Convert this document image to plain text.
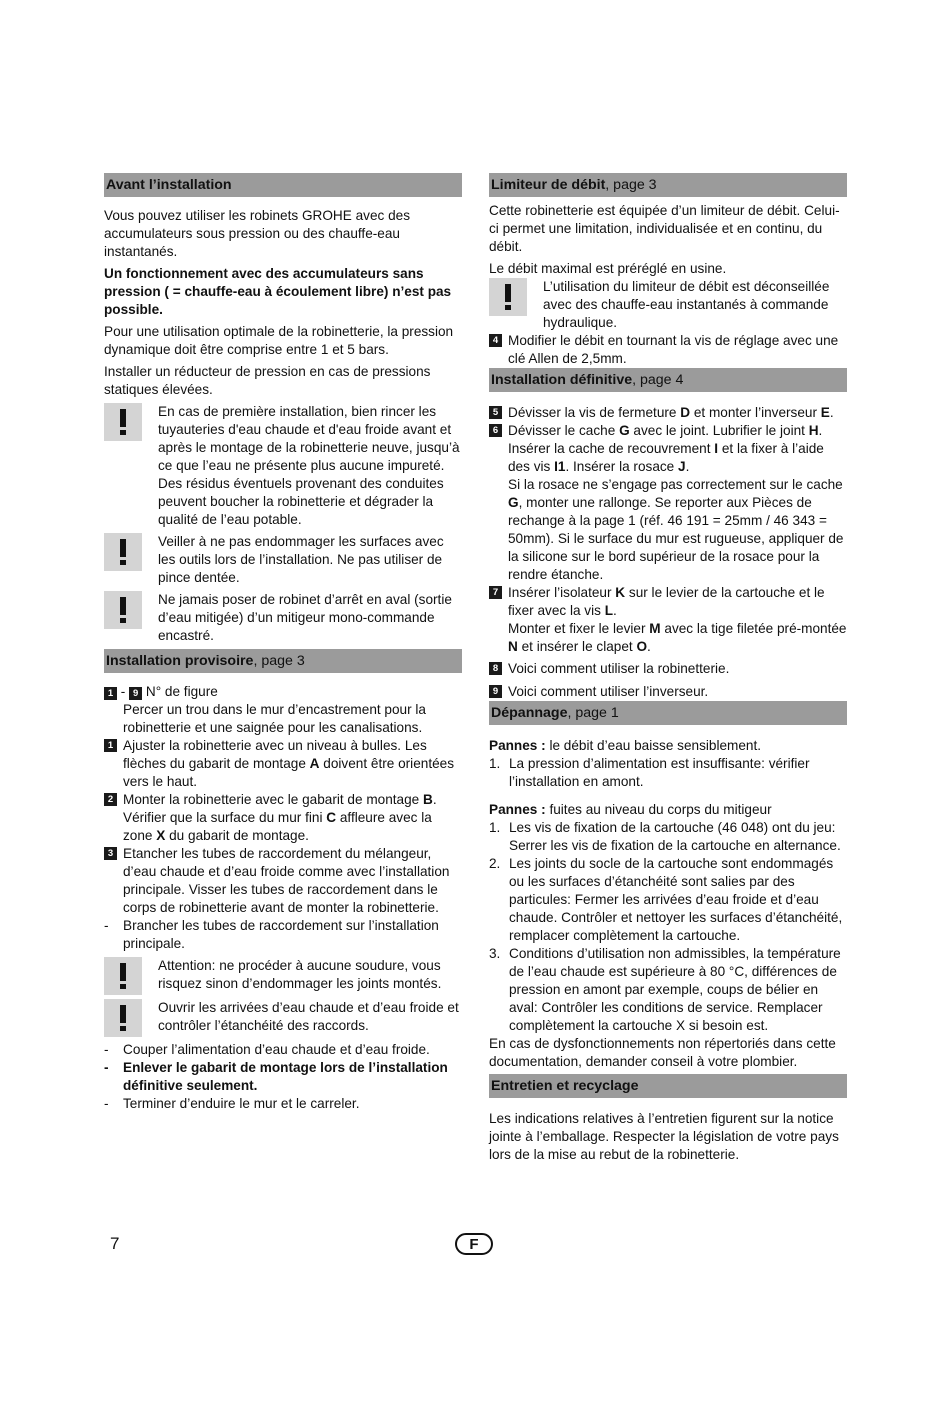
Avant l’installation

Vous pouvez utiliser les robinets GROHE avec des accumulateurs sous pression ou des chauffe-eau instantanés.

Un fonctionnement avec des accumulateurs sans pression ( = chauffe-eau à écoulement libre) n’est pas possible.

Pour une utilisation optimale de la robinetterie, la pression dynamique doit être comprise entre 1 et 5 bars.

Installer un réducteur de pression en cas de pressions statiques élevées.

En cas de première installation, bien rincer les tuyauteries d'eau chaude et d'eau froide avant et après le montage de la robinetterie neuve, jusqu’à ce que l’eau ne présente plus aucune impureté. Des résidus éventuels provenant des conduites peuvent boucher la robinetterie et dégrader la qualité de l’eau potable.
Veiller à ne pas endommager les surfaces avec les outils lors de l’installation. Ne pas utiliser de pince dentée.
Ne jamais poser de robinet d’arrêt en aval (sortie d’eau mitigée) d’un mitigeur mono-commande encastré.
Installation provisoire, page 3
1 - 9 N° de figure
Percer un trou dans le mur d’encastrement pour la robinetterie et une saignée pour les canalisations.
1 Ajuster la robinetterie avec un niveau à bulles. Les flèches du gabarit de montage A doivent être orientées vers le haut.
2 Monter la robinetterie avec le gabarit de montage B. Vérifier que la surface du mur fini C affleure avec la zone X du gabarit de montage.
3 Etancher les tubes de raccordement du mélangeur, d’eau chaude et d’eau froide comme avec l’installation principale. Visser les tubes de raccordement dans le corps de robinetterie avant de monter la robinetterie.
-	Brancher les tubes de raccordement sur l’installation principale.
Attention: ne procéder à aucune soudure, vous risquez sinon d’endommager les joints montés.
Ouvrir les arrivées d’eau chaude et d’eau froide et contrôler l’étanchéité des raccords.
-	Couper l’alimentation d’eau chaude et d’eau froide.
-	Enlever le gabarit de montage lors de l’installation définitive seulement.
-	Terminer d’enduire le mur et le carreler.
Limiteur de débit, page 3

Cette robinetterie est équipée d’un limiteur de débit. Celui-ci permet une limitation, individualisée et en continu, du débit.

Le débit maximal est préréglé en usine.

L’utilisation du limiteur de débit est déconseillée avec des chauffe-eau instantanés à commande hydraulique.
4 Modifier le débit en tournant la vis de réglage avec une clé Allen de 2,5mm.
Installation définitive, page 4
5 Dévisser la vis de fermeture D et monter l’inverseur E.
6 Dévisser le cache G avec le joint. Lubrifier le joint H.
Insérer la cache de recouvrement I et la fixer à l’aide des vis I1. Insérer la rosace J.
Si la rosace ne s’engage pas correctement sur le cache G, monter une rallonge. Se reporter aux Pièces de rechange à la page 1 (réf. 46 191 = 25mm / 46 343 = 50mm). Si le surface du mur est rugueuse, appliquer de la silicone sur le bord supérieur de la rosace pour la rendre étanche.
7 Insérer l’isolateur K sur le levier de la cartouche et le fixer avec la vis L.
Monter et fixer le levier M avec la tige filetée pré-montée N et insérer le clapet O.
8 Voici comment utiliser la robinetterie.
9 Voici comment utiliser l’inverseur.
Dépannage, page 1
Pannes : le débit d’eau baisse sensiblement.
1. La pression d’alimentation est insuffisante: vérifier l’installation en amont.
Pannes : fuites au niveau du corps du mitigeur
1. Les vis de fixation de la cartouche (46 048) ont du jeu: Serrer les vis de fixation de la cartouche en alternance.
2. Les joints du socle de la cartouche sont endommagés ou les surfaces d’étanchéité sont salies par des particules: Fermer les arrivées d’eau froide et d’eau chaude. Contrôler et nettoyer les surfaces d’étanchéité, remplacer complètement la cartouche.
3. Conditions d’utilisation non admissibles, la température de l’eau chaude est supérieure à 80 °C, différences de pression en amont par exemple, coups de bélier en aval: Contrôler les conditions de service. Remplacer complètement la cartouche X si besoin est.

En cas de dysfonctionnements non répertoriés dans cette documentation, demander conseil à votre plombier.

Entretien et recyclage

Les indications relatives à l’entretien figurent sur la notice jointe à l’emballage. Respecter la législation de votre pays lors de la mise au rebut de la robinetterie.

7	F
